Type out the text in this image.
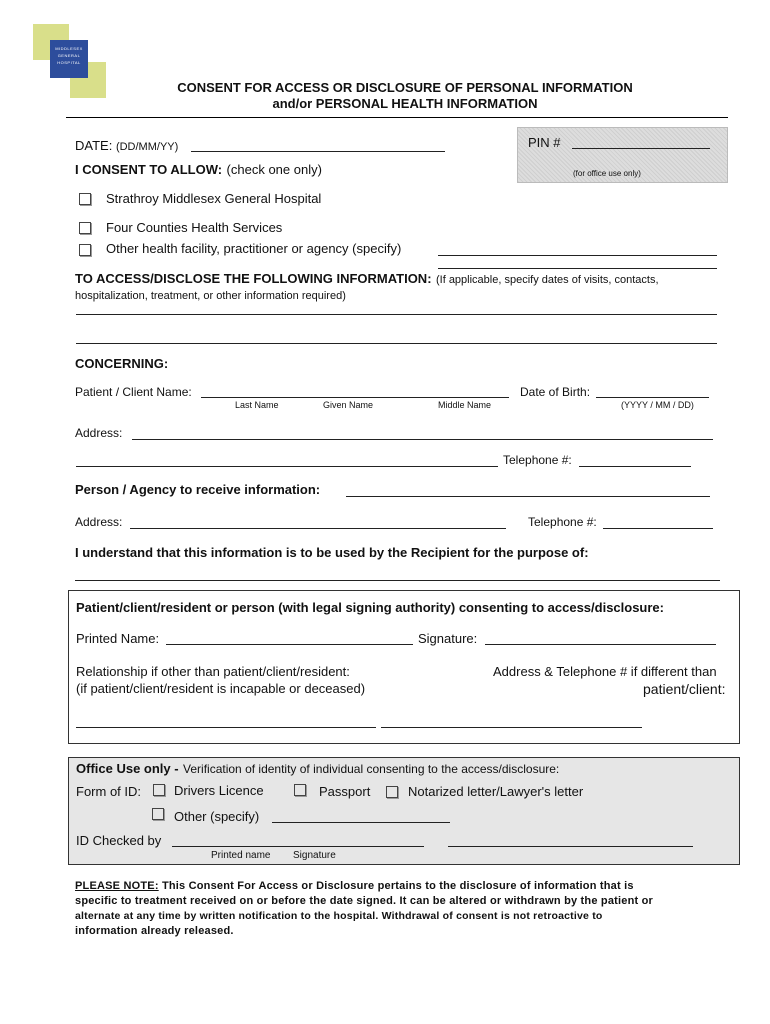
MIDDLESEX GENERAL HOSPITAL
CONSENT FOR ACCESS OR DISCLOSURE OF PERSONAL INFORMATION
and/or PERSONAL HEALTH INFORMATION
PIN #
(for office use only)
DATE: (DD/MM/YY)
I CONSENT TO ALLOW: (check one only)
Strathroy Middlesex General Hospital
Four Counties Health Services
Other health facility, practitioner or agency (specify)
TO ACCESS/DISCLOSE THE FOLLOWING INFORMATION: (If applicable, specify dates of visits, contacts,
hospitalization, treatment, or other information required)
CONCERNING:
Patient / Client Name:	Date of Birth:
Last Name	Given Name	Middle Name	(YYYY / MM / DD)
Address:
Telephone #:
Person / Agency to receive information:
Address:	Telephone #:
I understand that this information is to be used by the Recipient for the purpose of:
Patient/client/resident or person (with legal signing authority) consenting to access/disclosure:
Printed Name:	Signature:
Relationship if other than patient/client/resident:
(if patient/client/resident is incapable or deceased)
Address & Telephone # if different than
patient/client:
Office Use only - Verification of identity of individual consenting to the access/disclosure:
Form of ID:	Drivers Licence	Passport	Notarized letter/Lawyer's letter
Other (specify)
ID Checked by
Printed name Signature
PLEASE NOTE: This Consent For Access or Disclosure pertains to the disclosure of information that is
specific to treatment received on or before the date signed. It can be altered or withdrawn by the patient or
alternate at any time by written notification to the hospital. Withdrawal of consent is not retroactive to
information already released.
